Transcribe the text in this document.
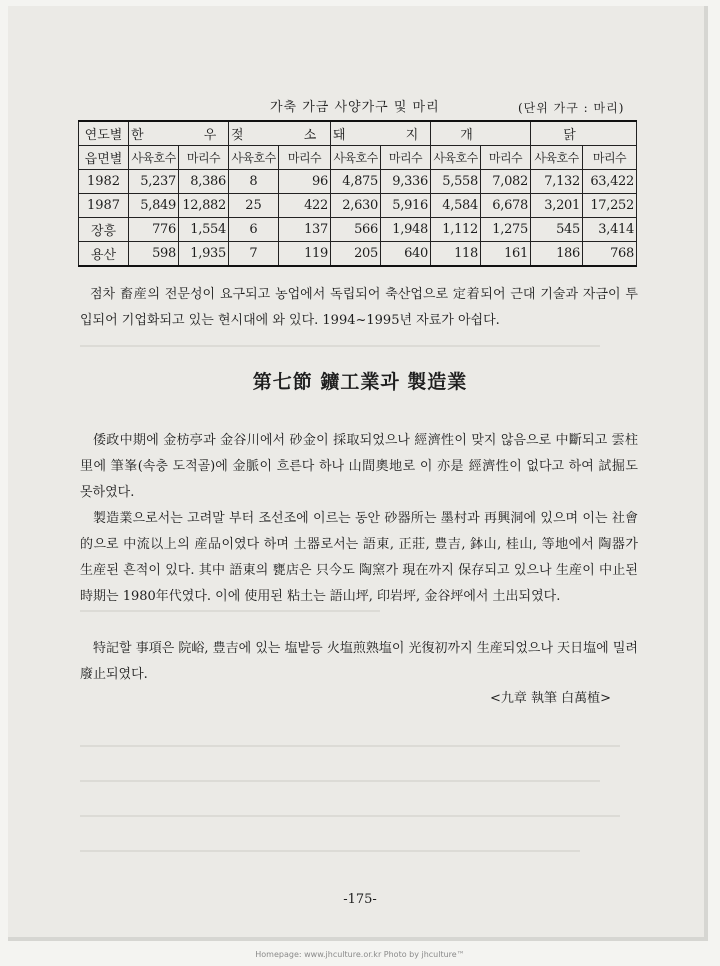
가축 가금 사양가구 및 마리	(단위 가구 : 마리)
연도별	한 우		젖 소		돼 지		개		닭	
읍면별	사육호수	마리수	사육호수	마리수	사육호수	마리수	사육호수	마리수	사육호수	마리수
1982	5,237	8,386	8	96	4,875	9,336	5,558	7,082	7,132	63,422
1987	5,849	12,882	25	422	2,630	5,916	4,584	6,678	3,201	17,252
장흥	776	1,554	6	137	566	1,948	1,112	1,275	545	3,414
용산	598	1,935	7	119	205	640	118	161	186	768

점차 畜産의 전문성이 요구되고 농업에서 독립되어 축산업으로 定着되어 근대 기술과 자금이 투입되어 기업화되고 있는 현시대에 와 있다. 1994~1995년 자료가 아쉽다.

第七節 鑛工業과 製造業

倭政中期에 金枋亭과 金谷川에서 砂金이 採取되었으나 經濟性이 맞지 않음으로 中斷되고 雲柱里에 筆峯(속충 도적골)에 金脈이 흐른다 하나 山間奧地로 이 亦是 經濟性이 없다고 하여 試掘도 못하였다.

製造業으로서는 고려말 부터 조선조에 이르는 동안 砂器所는 墨村과 再興洞에 있으며 이는 社會的으로 中流以上의 産品이였다 하며 土器로서는 語東, 正莊, 豊吉, 鉢山, 桂山, 等地에서 陶器가 生産된 흔적이 있다. 其中 語東의 甕店은 只今도 陶窯가 現在까지 保存되고 있으나 生産이 中止된 時期는 1980年代였다. 이에 使用된 粘土는 語山坪, 印岩坪, 金谷坪에서 土出되였다.

特記할 事項은 院峪, 豊吉에 있는 塩밭등 火塩煎熟塩이 光復初까지 生産되었으나 天日塩에 밀려 廢止되였다.

<九章 執筆 白萬植>
-175-
Homepage: www.jhculture.or.kr Photo by jhculture™
